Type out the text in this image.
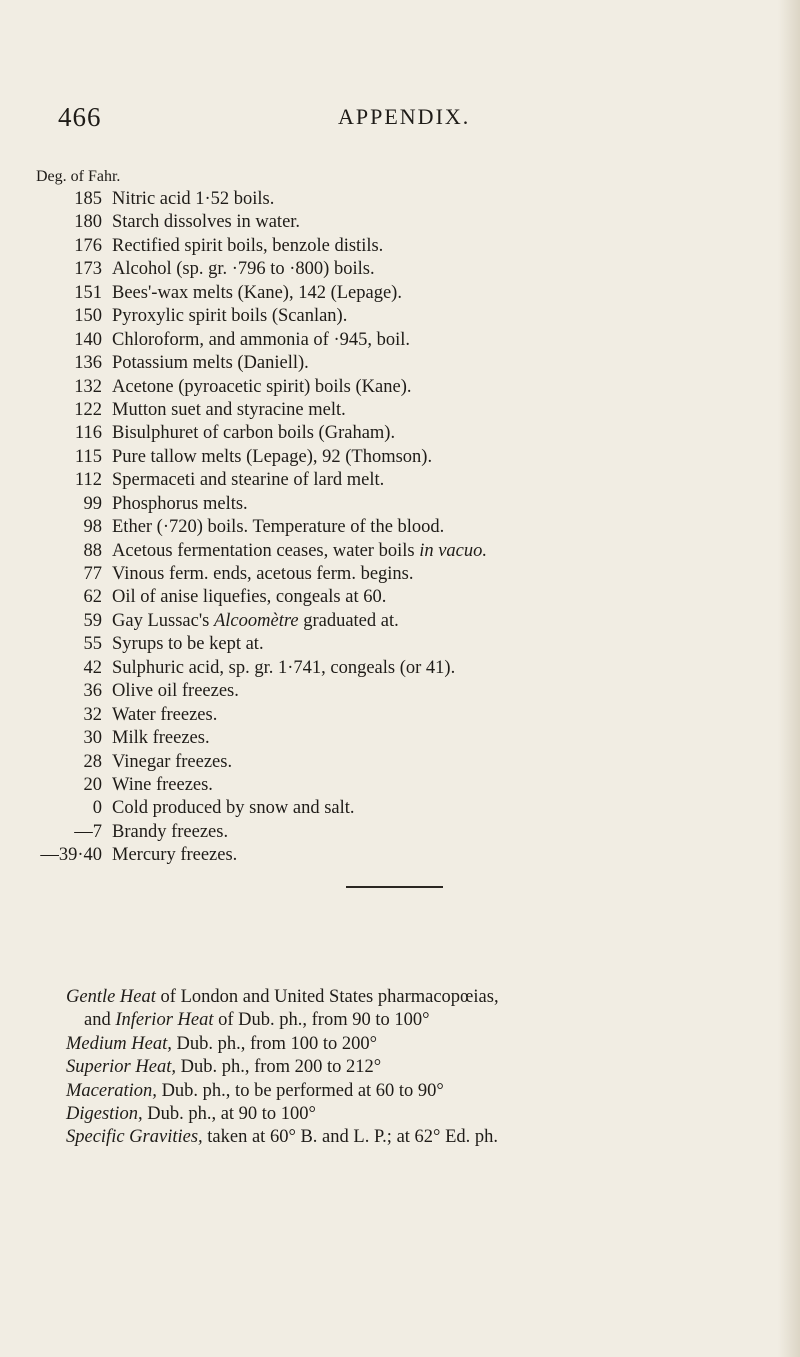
466	APPENDIX.
Deg. of Fahr.
185 Nitric acid 1·52 boils.
180 Starch dissolves in water.
176 Rectified spirit boils, benzole distils.
173 Alcohol (sp. gr. ·796 to ·800) boils.
151 Bees'-wax melts (Kane), 142 (Lepage).
150 Pyroxylic spirit boils (Scanlan).
140 Chloroform, and ammonia of ·945, boil.
136 Potassium melts (Daniell).
132 Acetone (pyroacetic spirit) boils (Kane).
122 Mutton suet and styracine melt.
116 Bisulphuret of carbon boils (Graham).
115 Pure tallow melts (Lepage), 92 (Thomson).
112 Spermaceti and stearine of lard melt.
99 Phosphorus melts.
98 Ether (·720) boils. Temperature of the blood.
88 Acetous fermentation ceases, water boils in vacuo.
77 Vinous ferm. ends, acetous ferm. begins.
62 Oil of anise liquefies, congeals at 60.
59 Gay Lussac's Alcoomètre graduated at.
55 Syrups to be kept at.
42 Sulphuric acid, sp. gr. 1·741, congeals (or 41).
36 Olive oil freezes.
32 Water freezes.
30 Milk freezes.
28 Vinegar freezes.
20 Wine freezes.
0 Cold produced by snow and salt.
—7 Brandy freezes.
—39·40 Mercury freezes.
Gentle Heat of London and United States pharmacopœias,
and Inferior Heat of Dub. ph., from 90 to 100°
Medium Heat, Dub. ph., from 100 to 200°
Superior Heat, Dub. ph., from 200 to 212°
Maceration, Dub. ph., to be performed at 60 to 90°
Digestion, Dub. ph., at 90 to 100°
Specific Gravities, taken at 60° B. and L. P.; at 62° Ed. ph.
